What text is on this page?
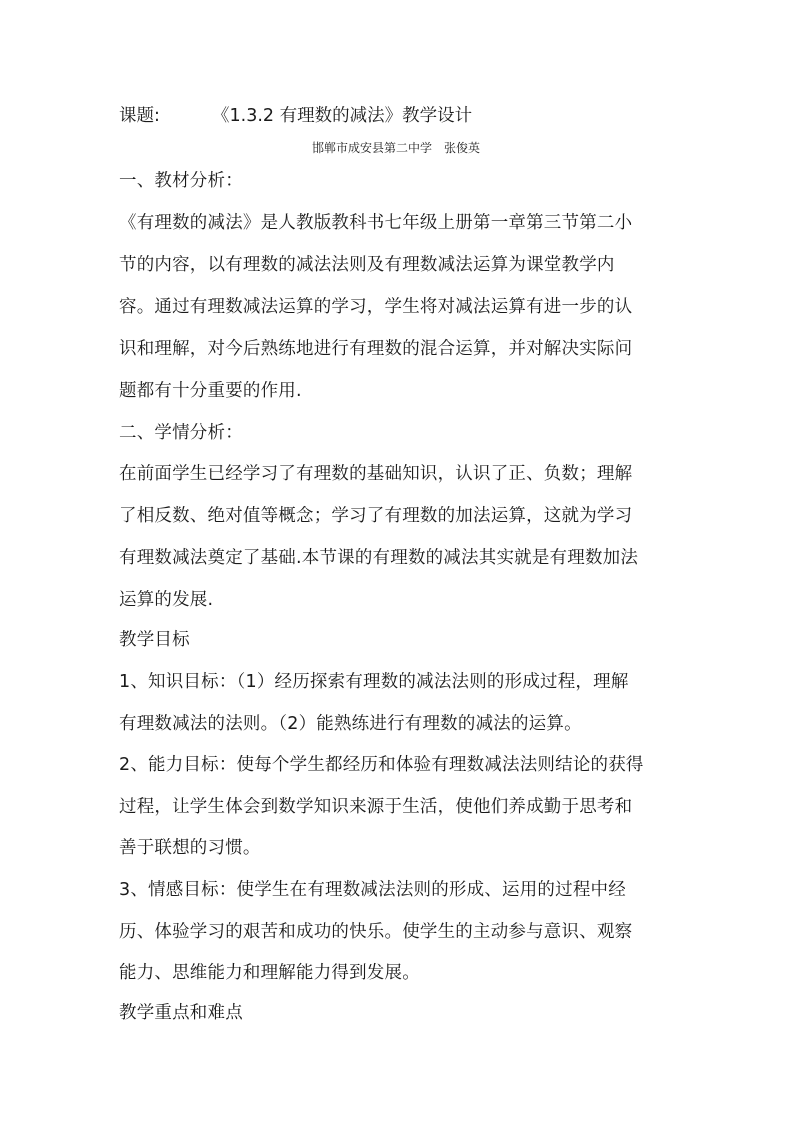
课题:	《1.3.2 有理数的减法》教学设计
邯郸市成安县第二中学 张俊英
一、教材分析：
《有理数的减法》是人教版教科书七年级上册第一章第三节第二小
节的内容，以有理数的减法法则及有理数减法运算为课堂教学内
容。通过有理数减法运算的学习，学生将对减法运算有进一步的认
识和理解，对今后熟练地进行有理数的混合运算，并对解决实际问
题都有十分重要的作用.
二、学情分析：
在前面学生已经学习了有理数的基础知识，认识了正、负数；理解
了相反数、绝对值等概念；学习了有理数的加法运算，这就为学习
有理数减法奠定了基础.本节课的有理数的减法其实就是有理数加法
运算的发展.
教学目标
1、知识目标：（1）经历探索有理数的减法法则的形成过程，理解
有理数减法的法则。（2）能熟练进行有理数的减法的运算。
2、能力目标：使每个学生都经历和体验有理数减法法则结论的获得
过程，让学生体会到数学知识来源于生活，使他们养成勤于思考和
善于联想的习惯。
3、情感目标：使学生在有理数减法法则的形成、运用的过程中经
历、体验学习的艰苦和成功的快乐。使学生的主动参与意识、观察
能力、思维能力和理解能力得到发展。
教学重点和难点
